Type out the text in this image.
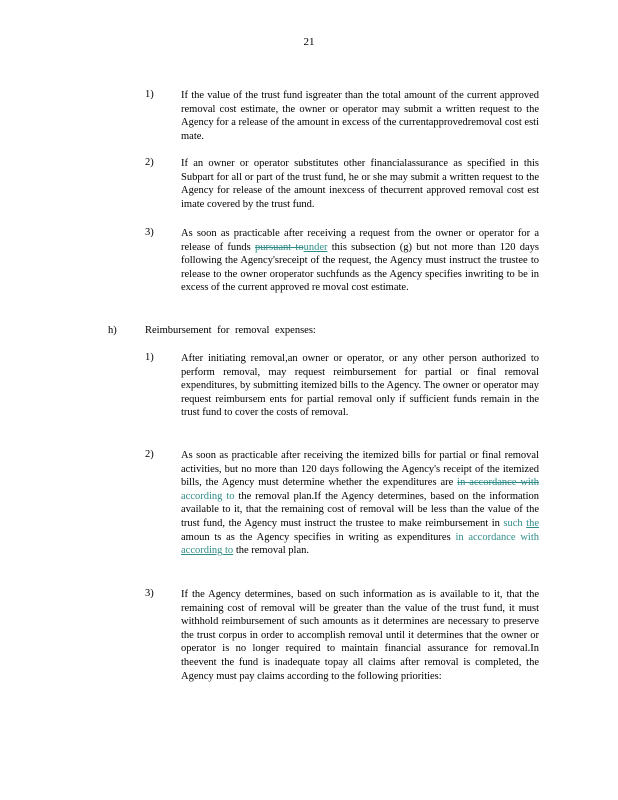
21
1)	If the value of the trust fund isgreater than the total amount of the current approved removal cost estimate, the owner or operator may submit a written request to the Agency for a release of the amount in excess of the currentapprovedremoval cost esti mate.

2)	If an owner or operator substitutes other financialassurance as specified in this Subpart for all or part of the trust fund, he or she may submit a written request to the Agency for release of the amount inexcess of thecurrent approved removal cost est imate covered by the trust fund.

3)	As soon as practicable after receiving a request from the owner or operator for a release of funds pursuant tounder this subsection (g) but not more than 120 days following the Agency'sreceipt of the request, the Agency must instruct the trustee to release to the owner oroperator suchfunds as the Agency specifies inwriting to be in excess of the current approved re moval cost estimate.

h)	Reimbursement for removal expenses:
1)	After initiating removal,an owner or operator, or any other person authorized to perform removal, may request reimbursement for partial or final removal expenditures, by submitting itemized bills to the Agency. The owner or operator may request reimbursem ents for partial removal only if sufficient funds remain in the trust fund to cover the costs of removal.

2)	As soon as practicable after receiving the itemized bills for partial or final removal activities, but no more than 120 days following the Agency's receipt of the itemized bills, the Agency must determine whether the expenditures are in accordance with according to the removal plan.If the Agency determines, based on the information available to it, that the remaining cost of removal will be less than the value of the trust fund, the Agency must instruct the trustee to make reimbursement in such the amoun ts as the Agency specifies in writing as expenditures in accordance with according to the removal plan.

3)	If the Agency determines, based on such information as is available to it, that the remaining cost of removal will be greater than the value of the trust fund, it must withhold reimbursement of such amounts as it determines are necessary to preserve the trust corpus in order to accomplish removal until it determines that the owner or operator is no longer required to maintain financial assurance for removal.In theevent the fund is inadequate topay all claims after removal is completed, the Agency must pay claims according to the following priorities:
